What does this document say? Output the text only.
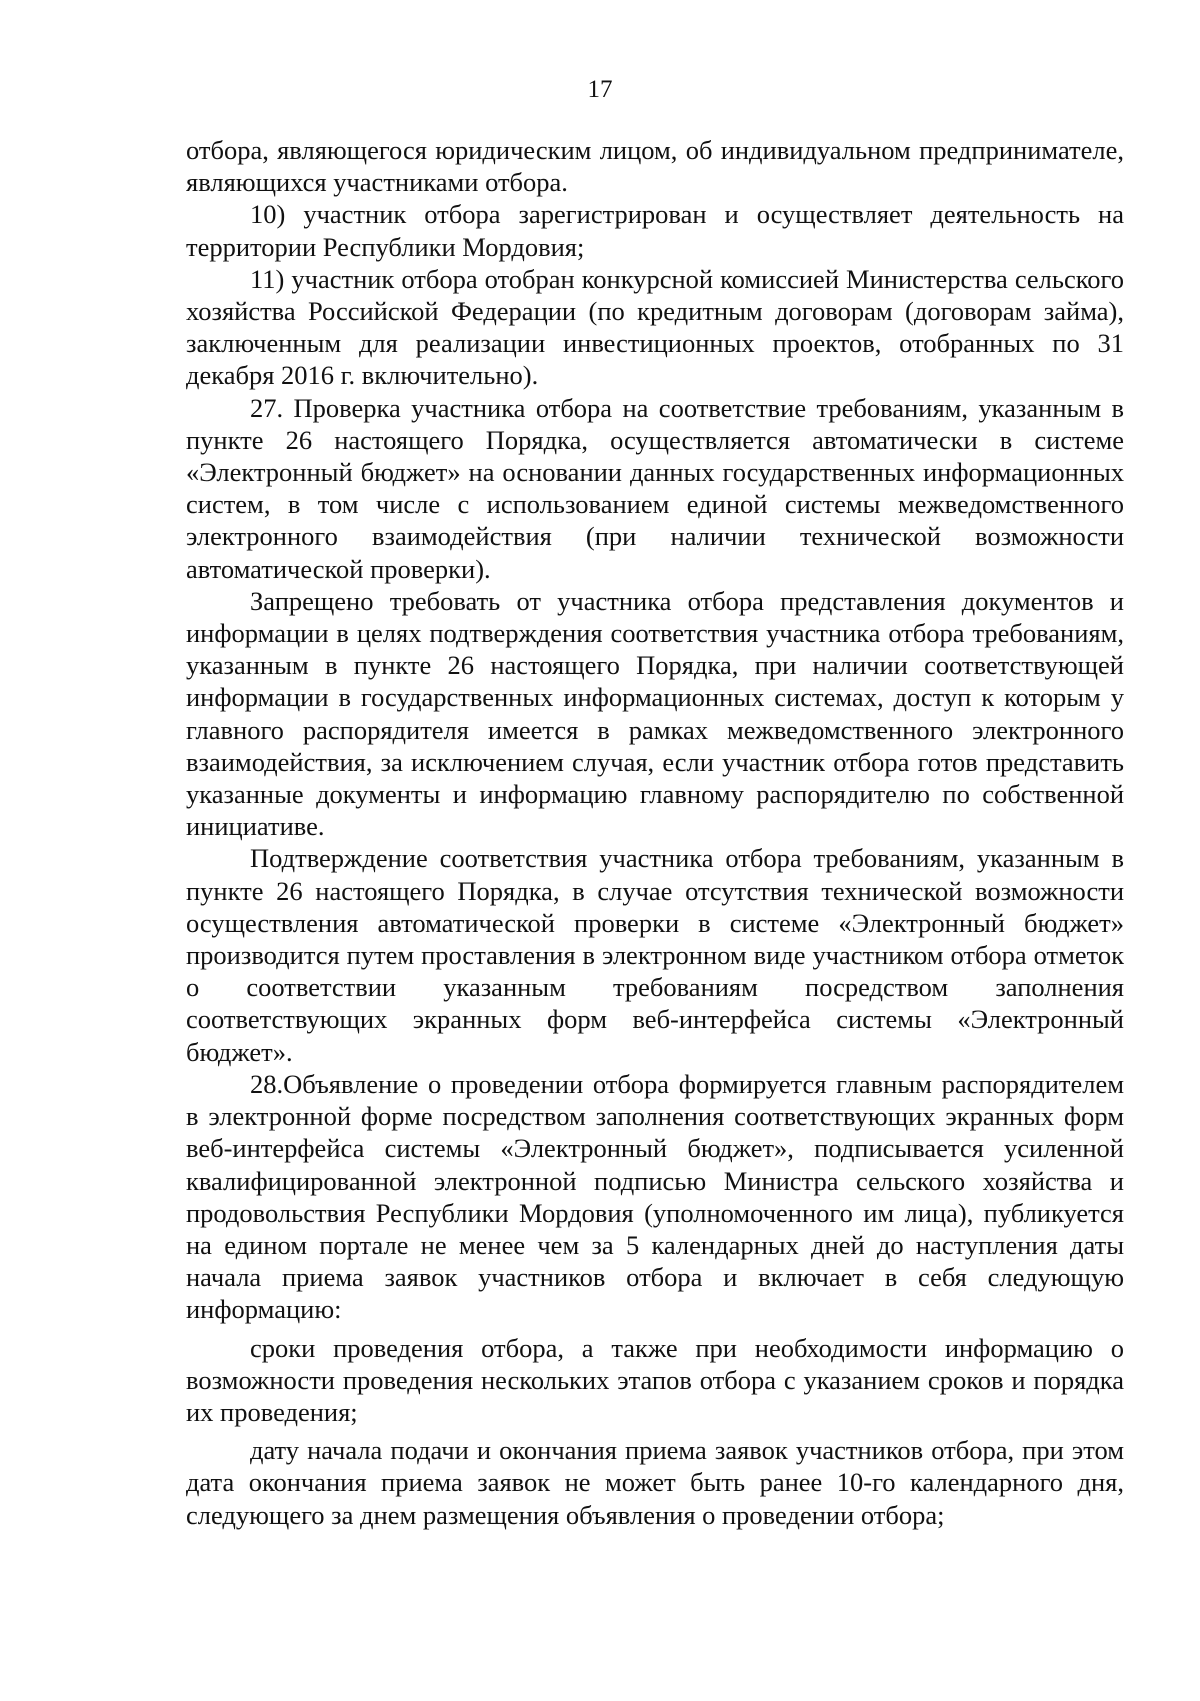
17

отбора, являющегося юридическим лицом, об индивидуальном предпринимателе, являющихся участниками отбора.

10) участник отбора зарегистрирован и осуществляет деятельность на территории Республики Мордовия;

11) участник отбора отобран конкурсной комиссией Министерства сельского хозяйства Российской Федерации (по кредитным договорам (договорам займа), заключенным для реализации инвестиционных проектов, отобранных по 31 декабря 2016 г. включительно).

27. Проверка участника отбора на соответствие требованиям, указанным в пункте 26 настоящего Порядка, осуществляется автоматически в системе «Электронный бюджет» на основании данных государственных информационных систем, в том числе с использованием единой системы межведомственного электронного взаимодействия (при наличии технической возможности автоматической проверки).

Запрещено требовать от участника отбора представления документов и информации в целях подтверждения соответствия участника отбора требованиям, указанным в пункте 26 настоящего Порядка, при наличии соответствующей информации в государственных информационных системах, доступ к которым у главного распорядителя имеется в рамках межведомственного электронного взаимодействия, за исключением случая, если участник отбора готов представить указанные документы и информацию главному распорядителю по собственной инициативе.

Подтверждение соответствия участника отбора требованиям, указанным в пункте 26 настоящего Порядка, в случае отсутствия технической возможности осуществления автоматической проверки в системе «Электронный бюджет» производится путем проставления в электронном виде участником отбора отметок о соответствии указанным требованиям посредством заполнения соответствующих экранных форм веб-интерфейса системы «Электронный бюджет».

28.Объявление о проведении отбора формируется главным распорядителем в электронной форме посредством заполнения соответствующих экранных форм веб-интерфейса системы «Электронный бюджет», подписывается усиленной квалифицированной электронной подписью Министра сельского хозяйства и продовольствия Республики Мордовия (уполномоченного им лица), публикуется на едином портале не менее чем за 5 календарных дней до наступления даты начала приема заявок участников отбора и включает в себя следующую информацию:

сроки проведения отбора, а также при необходимости информацию о возможности проведения нескольких этапов отбора с указанием сроков и порядка их проведения;

дату начала подачи и окончания приема заявок участников отбора, при этом дата окончания приема заявок не может быть ранее 10-го календарного дня, следующего за днем размещения объявления о проведении отбора;
